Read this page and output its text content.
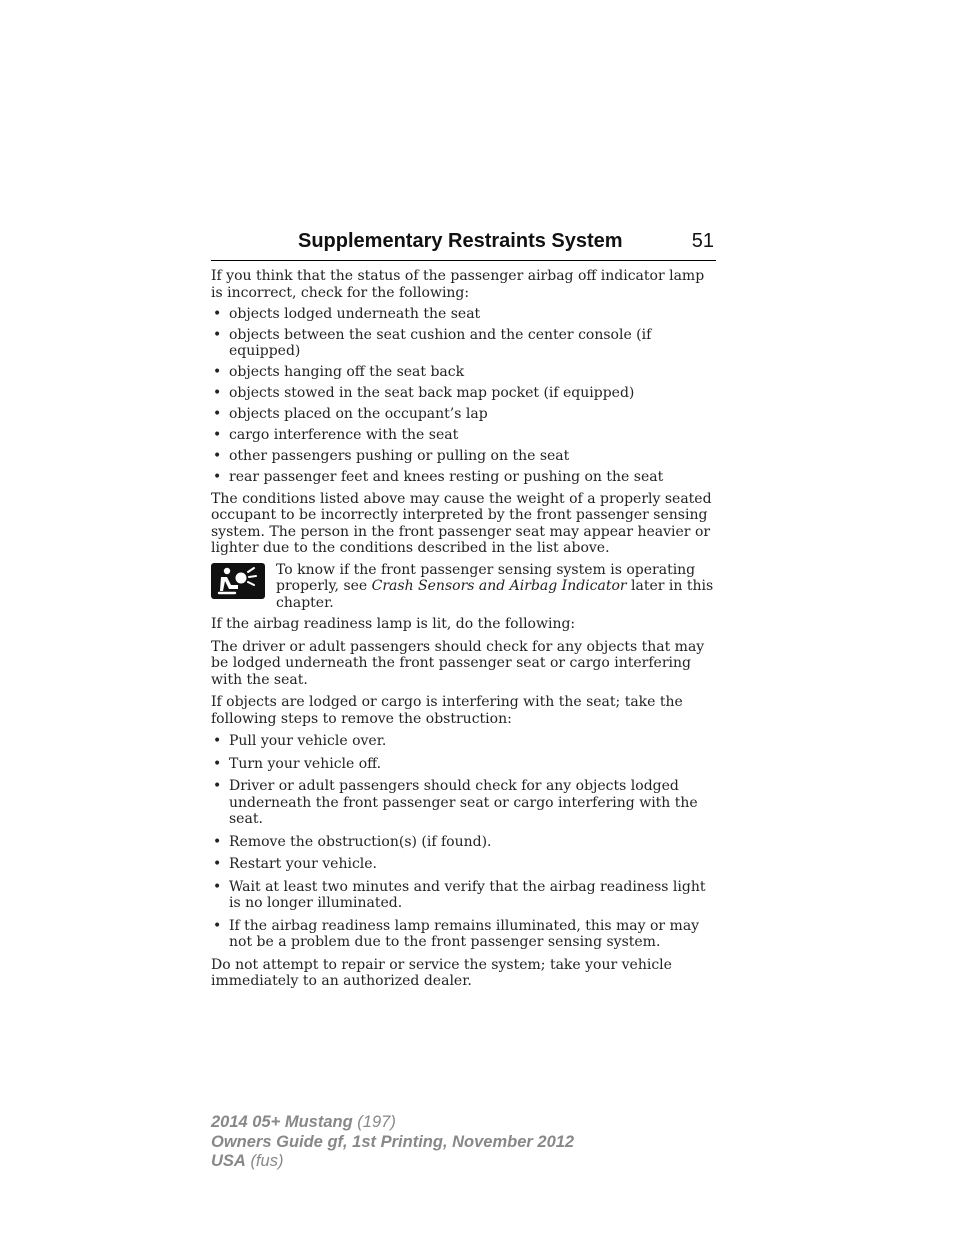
Supplementary Restraints System	51

If you think that the status of the passenger airbag off indicator lamp is incorrect, check for the following:

• objects lodged underneath the seat
• objects between the seat cushion and the center console (if equipped)
• objects hanging off the seat back
• objects stowed in the seat back map pocket (if equipped)
• objects placed on the occupant’s lap
• cargo interference with the seat
• other passengers pushing or pulling on the seat
• rear passenger feet and knees resting or pushing on the seat

The conditions listed above may cause the weight of a properly seated occupant to be incorrectly interpreted by the front passenger sensing system. The person in the front passenger seat may appear heavier or lighter due to the conditions described in the list above.

To know if the front passenger sensing system is operating properly, see Crash Sensors and Airbag Indicator later in this chapter.

If the airbag readiness lamp is lit, do the following:

The driver or adult passengers should check for any objects that may be lodged underneath the front passenger seat or cargo interfering with the seat.

If objects are lodged or cargo is interfering with the seat; take the following steps to remove the obstruction:

• Pull your vehicle over.
• Turn your vehicle off.
• Driver or adult passengers should check for any objects lodged underneath the front passenger seat or cargo interfering with the seat.
• Remove the obstruction(s) (if found).
• Restart your vehicle.
• Wait at least two minutes and verify that the airbag readiness light is no longer illuminated.
• If the airbag readiness lamp remains illuminated, this may or may not be a problem due to the front passenger sensing system.

Do not attempt to repair or service the system; take your vehicle immediately to an authorized dealer.

2014 05+ Mustang (197)
Owners Guide gf, 1st Printing, November 2012
USA (fus)
